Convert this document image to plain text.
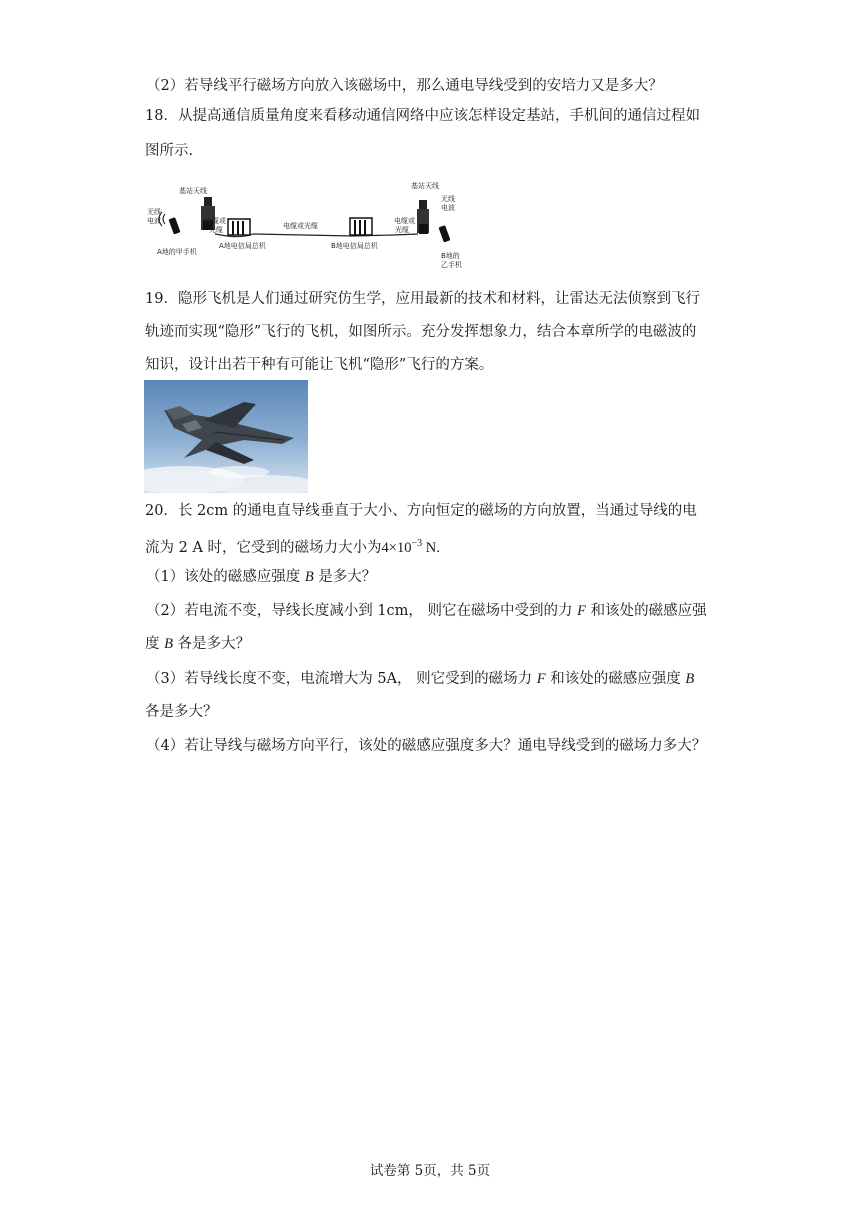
（2）若导线平行磁场方向放入该磁场中，那么通电导线受到的安培力又是多大？
18．从提高通信质量角度来看移动通信网络中应该怎样设定基站，手机间的通信过程如
图所示.
无线
电波
A地的甲手机
基站天线
电缆或
光缆
A地电信局总机
电缆或光缆
B地电信局总机
电缆或
光缆
基站天线
无线
电波
B地的
乙手机
19．隐形飞机是人们通过研究仿生学，应用最新的技术和材料，让雷达无法侦察到飞行
轨迹而实现“隐形”飞行的飞机，如图所示。充分发挥想象力，结合本章所学的电磁波的
知识，设计出若干种有可能让飞机“隐形”飞行的方案。
20．长 2cm 的通电直导线垂直于大小、方向恒定的磁场的方向放置，当通过导线的电
流为 2 A 时，它受到的磁场力大小为$4\times 10^{-3}$ N.
（1）该处的磁感应强度 B 是多大？
（2）若电流不变，导线长度减小到 1cm， 则它在磁场中受到的力 F 和该处的磁感应强
度 B 各是多大？
（3）若导线长度不变，电流增大为 5A， 则它受到的磁场力 F 和该处的磁感应强度 B
各是多大？
（4）若让导线与磁场方向平行，该处的磁感应强度多大？通电导线受到的磁场力多大？
试卷第 5页，共 5页
